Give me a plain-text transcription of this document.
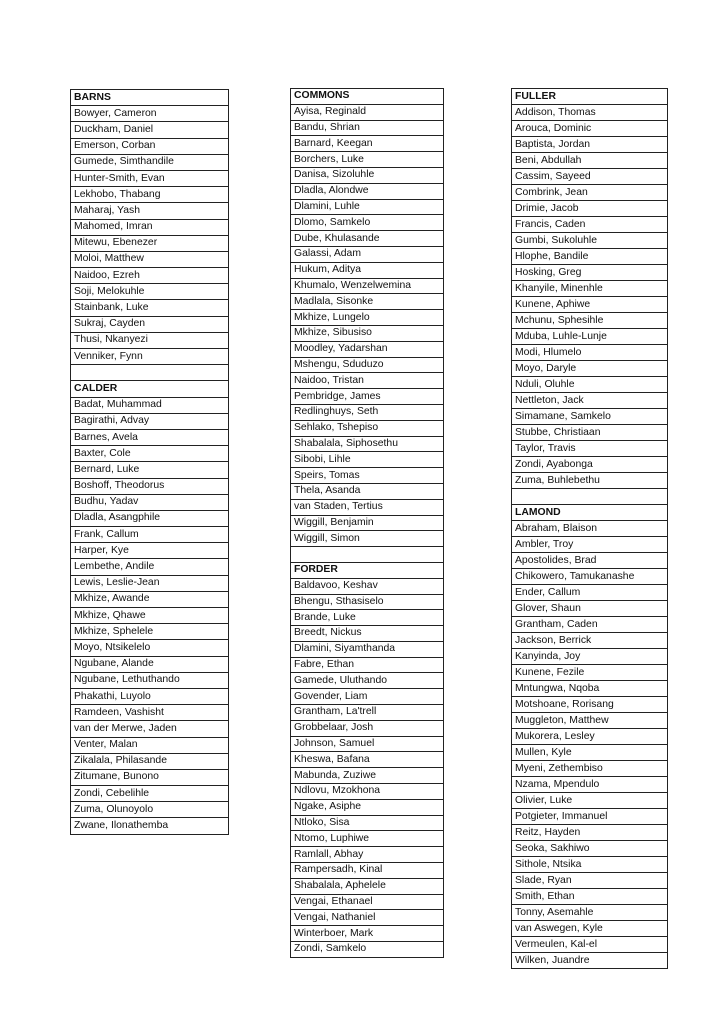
BARNS
Bowyer, Cameron
Duckham, Daniel
Emerson, Corban
Gumede, Simthandile
Hunter-Smith, Evan
Lekhobo, Thabang
Maharaj, Yash
Mahomed, Imran
Mitewu, Ebenezer
Moloi, Matthew
Naidoo, Ezreh
Soji, Melokuhle
Stainbank, Luke
Sukraj, Cayden
Thusi, Nkanyezi
Venniker, Fynn

CALDER
Badat, Muhammad
Bagirathi, Advay
Barnes, Avela
Baxter, Cole
Bernard, Luke
Boshoff, Theodorus
Budhu, Yadav
Dladla, Asangphile
Frank, Callum
Harper, Kye
Lembethe, Andile
Lewis, Leslie-Jean
Mkhize, Awande
Mkhize, Qhawe
Mkhize, Sphelele
Moyo, Ntsikelelo
Ngubane, Alande
Ngubane, Lethuthando
Phakathi, Luyolo
Ramdeen, Vashisht
van der Merwe, Jaden
Venter, Malan
Zikalala, Philasande
Zitumane, Bunono
Zondi, Cebelihle
Zuma, Olunoyolo
Zwane, Ilonathemba
COMMONS
Ayisa, Reginald
Bandu, Shrian
Barnard, Keegan
Borchers, Luke
Danisa, Sizoluhle
Dladla, Alondwe
Dlamini, Luhle
Dlomo, Samkelo
Dube, Khulasande
Galassi, Adam
Hukum, Aditya
Khumalo, Wenzelwemina
Madlala, Sisonke
Mkhize, Lungelo
Mkhize, Sibusiso
Moodley, Yadarshan
Mshengu, Sduduzo
Naidoo, Tristan
Pembridge, James
Redlinghuys, Seth
Sehlako, Tshepiso
Shabalala, Siphosethu
Sibobi, Lihle
Speirs, Tomas
Thela, Asanda
van Staden, Tertius
Wiggill, Benjamin
Wiggill, Simon

FORDER
Baldavoo, Keshav
Bhengu, Sthasiselo
Brande, Luke
Breedt, Nickus
Dlamini, Siyamthanda
Fabre, Ethan
Gamede, Uluthando
Govender, Liam
Grantham, La'trell
Grobbelaar, Josh
Johnson, Samuel
Kheswa, Bafana
Mabunda, Zuziwe
Ndlovu, Mzokhona
Ngake, Asiphe
Ntloko, Sisa
Ntomo, Luphiwe
Ramlall, Abhay
Rampersadh, Kinal
Shabalala, Aphelele
Vengai, Ethanael
Vengai, Nathaniel
Winterboer, Mark
Zondi, Samkelo
FULLER
Addison, Thomas
Arouca, Dominic
Baptista, Jordan
Beni, Abdullah
Cassim, Sayeed
Combrink, Jean
Drimie, Jacob
Francis, Caden
Gumbi, Sukoluhle
Hlophe, Bandile
Hosking, Greg
Khanyile, Minenhle
Kunene, Aphiwe
Mchunu, Sphesihle
Mduba, Luhle-Lunje
Modi, Hlumelo
Moyo, Daryle
Nduli, Oluhle
Nettleton, Jack
Simamane, Samkelo
Stubbe, Christiaan
Taylor, Travis
Zondi, Ayabonga
Zuma, Buhlebethu

LAMOND
Abraham, Blaison
Ambler, Troy
Apostolides, Brad
Chikowero, Tamukanashe
Ender, Callum
Glover, Shaun
Grantham, Caden
Jackson, Berrick
Kanyinda, Joy
Kunene, Fezile
Mntungwa, Nqoba
Motshoane, Rorisang
Muggleton, Matthew
Mukorera, Lesley
Mullen, Kyle
Myeni, Zethembiso
Nzama, Mpendulo
Olivier, Luke
Potgieter, Immanuel
Reitz, Hayden
Seoka, Sakhiwo
Sithole, Ntsika
Slade, Ryan
Smith, Ethan
Tonny, Asemahle
van Aswegen, Kyle
Vermeulen, Kal-el
Wilken, Juandre
